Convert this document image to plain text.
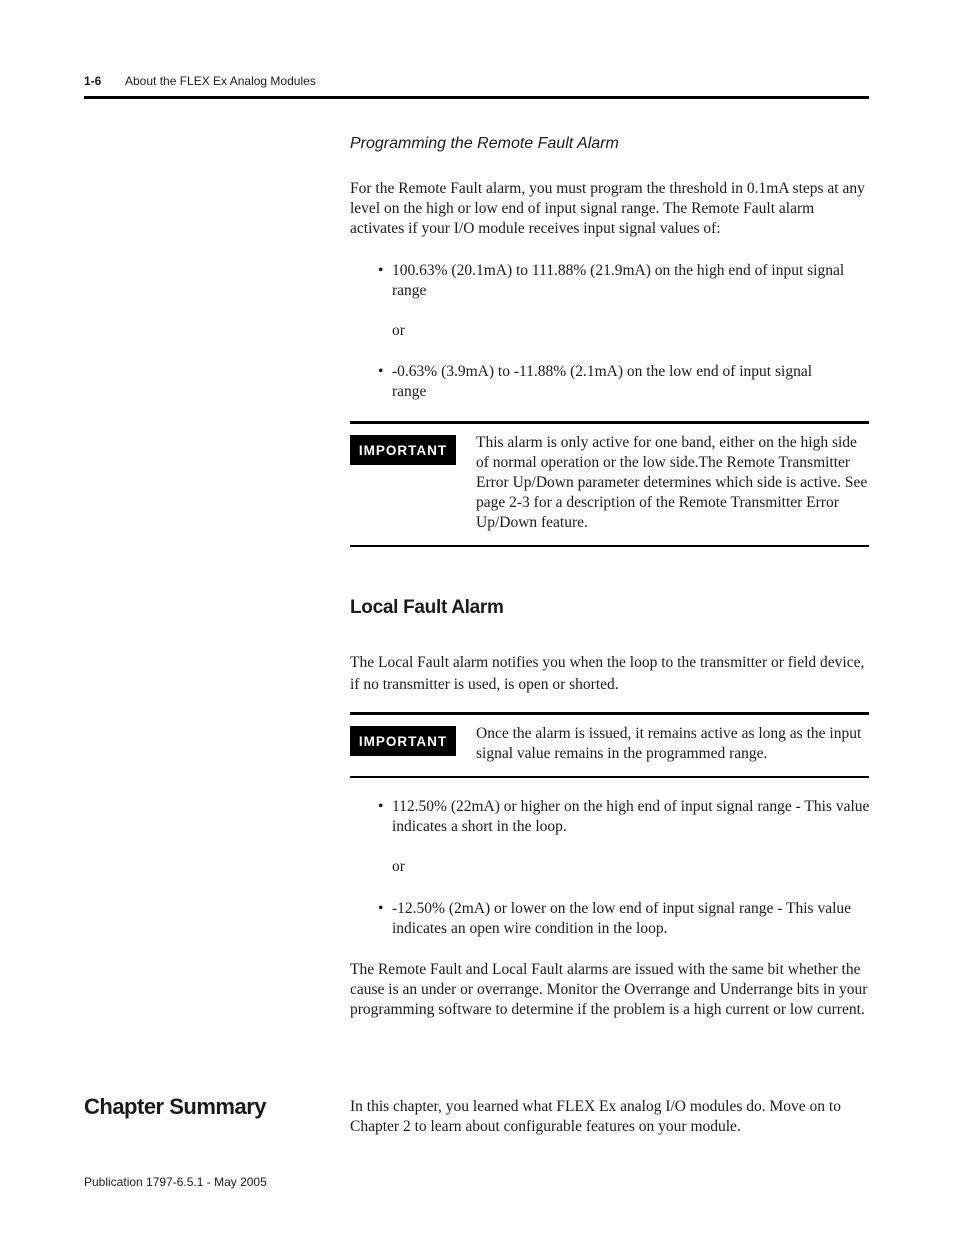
1-6 About the FLEX Ex Analog Modules
Programming the Remote Fault Alarm
For the Remote Fault alarm, you must program the threshold in 0.1mA steps at any level on the high or low end of input signal range. The Remote Fault alarm activates if your I/O module receives input signal values of:
• 100.63% (20.1mA) to 111.88% (21.9mA) on the high end of input signal range
or
• -0.63% (3.9mA) to -11.88% (2.1mA) on the low end of input signal range
IMPORTANT	This alarm is only active for one band, either on the high side of normal operation or the low side.The Remote Transmitter Error Up/Down parameter determines which side is active. See page 2-3 for a description of the Remote Transmitter Error Up/Down feature.
Local Fault Alarm
The Local Fault alarm notifies you when the loop to the transmitter or field device, if no transmitter is used, is open or shorted.
IMPORTANT	Once the alarm is issued, it remains active as long as the input signal value remains in the programmed range.
• 112.50% (22mA) or higher on the high end of input signal range - This value indicates a short in the loop.
or
• -12.50% (2mA) or lower on the low end of input signal range - This value indicates an open wire condition in the loop.
The Remote Fault and Local Fault alarms are issued with the same bit whether the cause is an under or overrange. Monitor the Overrange and Underrange bits in your programming software to determine if the problem is a high current or low current.
Chapter Summary	In this chapter, you learned what FLEX Ex analog I/O modules do. Move on to Chapter 2 to learn about configurable features on your module.
Publication 1797-6.5.1 - May 2005
